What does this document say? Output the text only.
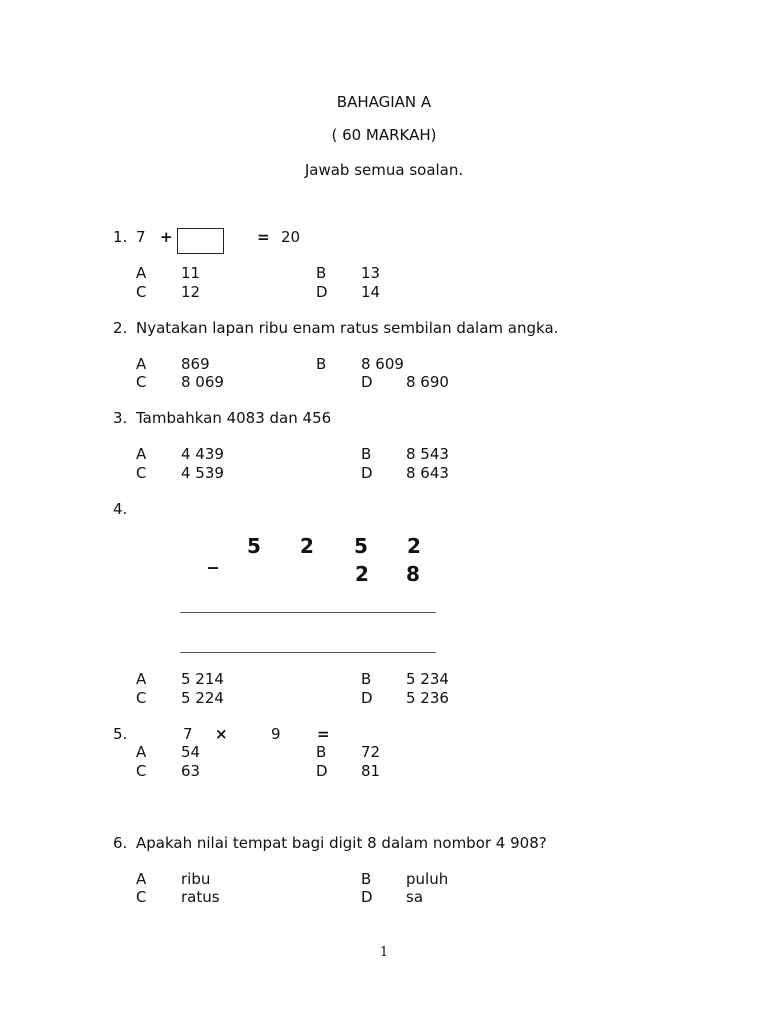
BAHAGIAN A
( 60 MARKAH)
Jawab semua soalan.
1. 7 +	= 20
A 11	B 13
C 12	D 14
2. Nyatakan lapan ribu enam ratus sembilan dalam angka.
A 869	B 8 609
C 8 069	D 8 690
3. Tambahkan 4083 dan 456
A 4 439	B 8 543
C 4 539	D 8 643
4.
_ 5 2 5 2
2 8
A 5 214	B 5 234
C 5 224	D 5 236
5.	7 ×	9 =
A 54	B 72
C 63	D 81
6. Apakah nilai tempat bagi digit 8 dalam nombor 4 908?
A ribu	B puluh
C ratus	D sa
1
